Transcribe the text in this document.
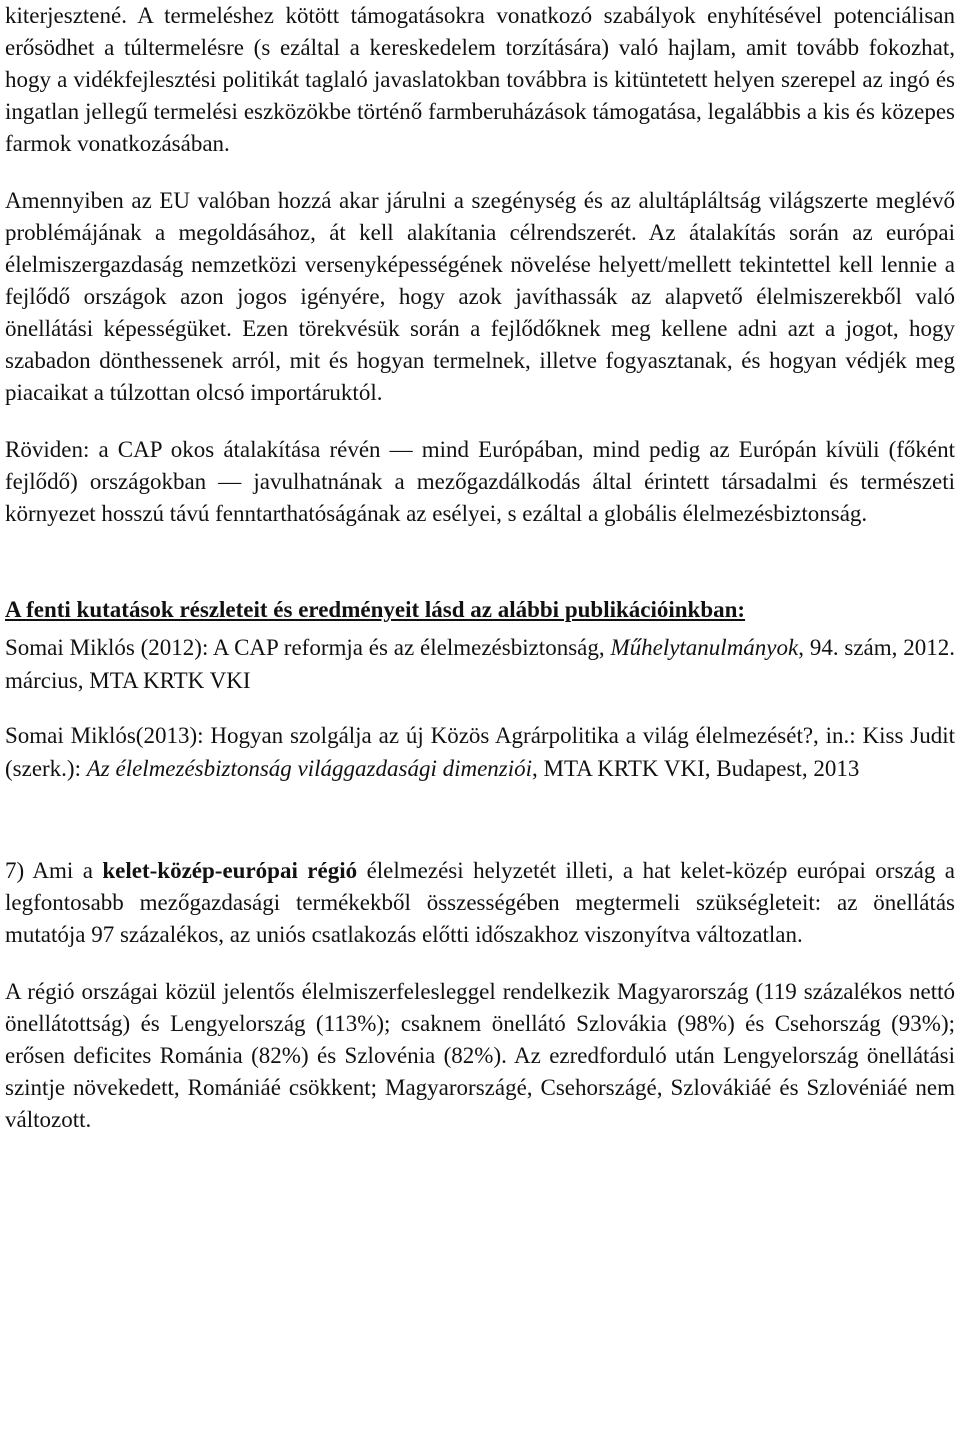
kiterjesztené. A termeléshez kötött támogatásokra vonatkozó szabályok enyhítésével potenciálisan erősödhet a túltermelésre (s ezáltal a kereskedelem torzítására) való hajlam, amit tovább fokozhat, hogy a vidékfejlesztési politikát taglaló javaslatokban továbbra is kitüntetett helyen szerepel az ingó és ingatlan jellegű termelési eszközökbe történő farmberuházások támogatása, legalábbis a kis és közepes farmok vonatkozásában.

Amennyiben az EU valóban hozzá akar járulni a szegénység és az alultápláltság világszerte meglévő problémájának a megoldásához, át kell alakítania célrendszerét. Az átalakítás során az európai élelmiszergazdaság nemzetközi versenyképességének növelése helyett/mellett tekintettel kell lennie a fejlődő országok azon jogos igényére, hogy azok javíthassák az alapvető élelmiszerekből való önellátási képességüket. Ezen törekvésük során a fejlődőknek meg kellene adni azt a jogot, hogy szabadon dönthessenek arról, mit és hogyan termelnek, illetve fogyasztanak, és hogyan védjék meg piacaikat a túlzottan olcsó importáruktól.

Röviden: a CAP okos átalakítása révén — mind Európában, mind pedig az Európán kívüli (főként fejlődő) országokban — javulhatnának a mezőgazdálkodás által érintett társadalmi és természeti környezet hosszú távú fenntarthatóságának az esélyei, s ezáltal a globális élelmezésbiztonság.

A fenti kutatások részleteit és eredményeit lásd az alábbi publikációinkban:

Somai Miklós (2012): A CAP reformja és az élelmezésbiztonság, Műhelytanulmányok, 94. szám, 2012. március, MTA KRTK VKI

Somai Miklós(2013): Hogyan szolgálja az új Közös Agrárpolitika a világ élelmezését?, in.: Kiss Judit (szerk.): Az élelmezésbiztonság világgazdasági dimenziói, MTA KRTK VKI, Budapest, 2013

7) Ami a kelet-közép-európai régió élelmezési helyzetét illeti, a hat kelet-közép európai ország a legfontosabb mezőgazdasági termékekből összességében megtermeli szükségleteit: az önellátás mutatója 97 százalékos, az uniós csatlakozás előtti időszakhoz viszonyítva változatlan.

A régió országai közül jelentős élelmiszerfelesleggel rendelkezik Magyarország (119 százalékos nettó önellátottság) és Lengyelország (113%); csaknem önellátó Szlovákia (98%) és Csehország (93%); erősen deficites Románia (82%) és Szlovénia (82%). Az ezredforduló után Lengyelország önellátási szintje növekedett, Romániáé csökkent; Magyarországé, Csehországé, Szlovákiáé és Szlovéniáé nem változott.
